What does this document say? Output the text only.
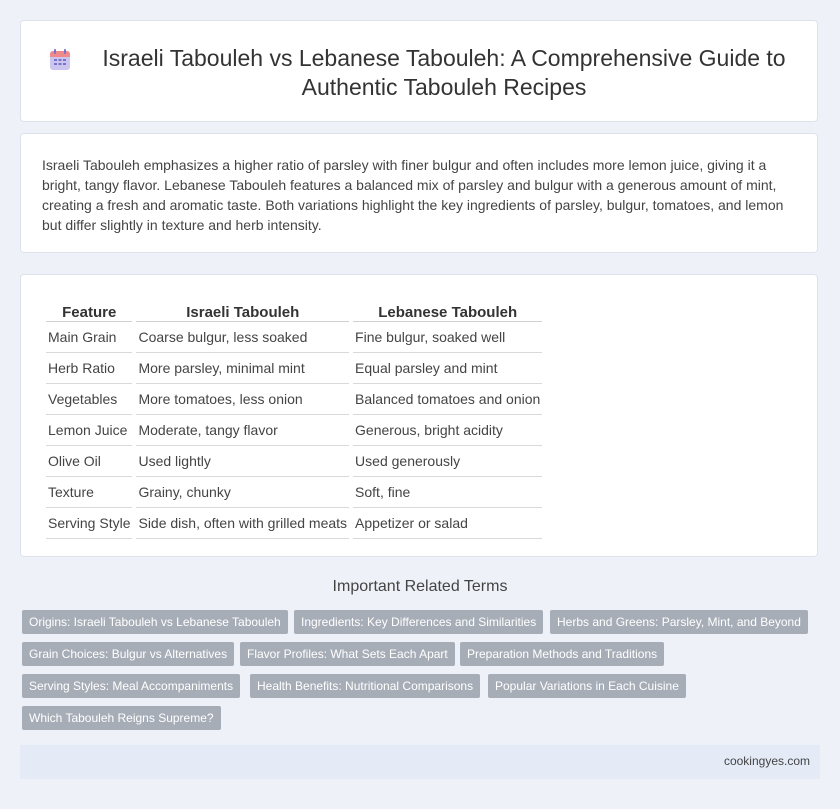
Israeli Tabouleh vs Lebanese Tabouleh: A Comprehensive Guide to Authentic Tabouleh Recipes

Israeli Tabouleh emphasizes a higher ratio of parsley with finer bulgur and often includes more lemon juice, giving it a bright, tangy flavor. Lebanese Tabouleh features a balanced mix of parsley and bulgur with a generous amount of mint, creating a fresh and aromatic taste. Both variations highlight the key ingredients of parsley, bulgur, tomatoes, and lemon but differ slightly in texture and herb intensity.

Feature	Israeli Tabouleh	Lebanese Tabouleh
Main Grain	Coarse bulgur, less soaked	Fine bulgur, soaked well
Herb Ratio	More parsley, minimal mint	Equal parsley and mint
Vegetables	More tomatoes, less onion	Balanced tomatoes and onion
Lemon Juice	Moderate, tangy flavor	Generous, bright acidity
Olive Oil	Used lightly	Used generously
Texture	Grainy, chunky	Soft, fine
Serving Style	Side dish, often with grilled meats	Appetizer or salad
Important Related Terms
Origins: Israeli Tabouleh vs Lebanese Tabouleh	Ingredients: Key Differences and Similarities	Herbs and Greens: Parsley, Mint, and Beyond
Grain Choices: Bulgur vs Alternatives	Flavor Profiles: What Sets Each Apart	Preparation Methods and Traditions
Serving Styles: Meal Accompaniments	Health Benefits: Nutritional Comparisons	Popular Variations in Each Cuisine
Which Tabouleh Reigns Supreme?
cookingyes.com
